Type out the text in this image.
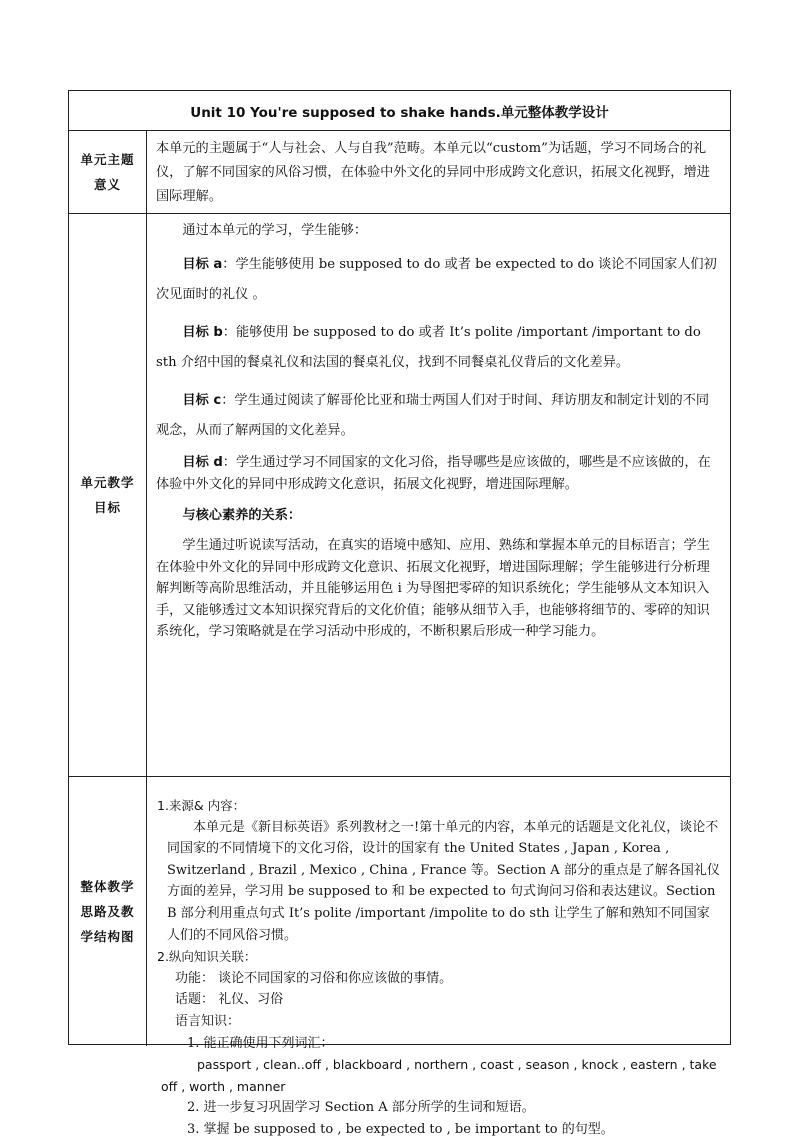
Unit 10 You're supposed to shake hands.单元整体教学设计
单元主题
意义

本单元的主题属于“人与社会、人与自我”范畴。本单元以“custom”为话题，学习不同场合的礼仪，了解不同国家的风俗习惯，在体验中外文化的异同中形成跨文化意识，拓展文化视野，增进国际理解。

单元教学
目标

通过本单元的学习，学生能够：

目标 a：学生能够使用 be supposed to do 或者 be expected to do 谈论不同国家人们初次见面时的礼仪 。

目标 b：能够使用 be supposed to do 或者 It’s polite /important /important to do sth 介绍中国的餐桌礼仪和法国的餐桌礼仪，找到不同餐桌礼仪背后的文化差异。

目标 c：学生通过阅读了解哥伦比亚和瑞士两国人们对于时间、拜访朋友和制定计划的不同观念，从而了解两国的文化差异。

目标 d：学生通过学习不同国家的文化习俗，指导哪些是应该做的，哪些是不应该做的，在体验中外文化的异同中形成跨文化意识，拓展文化视野，增进国际理解。

与核心素养的关系：

学生通过听说读写活动，在真实的语境中感知、应用、熟练和掌握本单元的目标语言；学生在体验中外文化的异同中形成跨文化意识、拓展文化视野，增进国际理解；学生能够进行分析理解判断等高阶思维活动，并且能够运用色 i 为导图把零碎的知识系统化；学生能够从文本知识入手，又能够透过文本知识探究背后的文化价值；能够从细节入手，也能够将细节的、零碎的知识系统化，学习策略就是在学习活动中形成的，不断积累后形成一种学习能力。

整体教学
思路及教
学结构图

1.来源& 内容：

本单元是《新目标英语》系列教材之一!第十单元的内容，本单元的话题是文化礼仪，谈论不同国家的不同情境下的文化习俗，设计的国家有 the United States , Japan , Korea , Switzerland , Brazil , Mexico , China , France 等。Section A 部分的重点是了解各国礼仪方面的差异，学习用 be supposed to 和 be expected to 句式询问习俗和表达建议。Section B 部分利用重点句式 It’s polite /important /impolite to do sth 让学生了解和熟知不同国家人们的不同风俗习惯。

2.纵向知识关联：

功能： 谈论不同国家的习俗和你应该做的事情。

话题： 礼仪、习俗

语言知识：

1. 能正确使用下列词汇：

passport , clean..off , blackboard , northern , coast , season , knock , eastern , take off , worth , manner

2. 进一步复习巩固学习 Section A 部分所学的生词和短语。

3. 掌握 be supposed to , be expected to , be important to 的句型。
